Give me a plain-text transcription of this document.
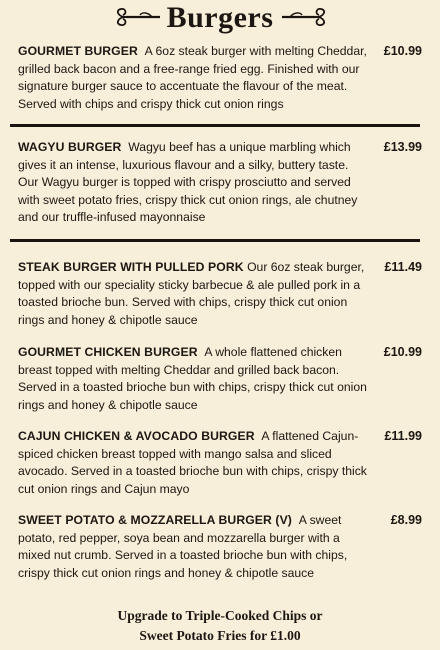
Burgers
GOURMET BURGER A 6oz steak burger with melting Cheddar, grilled back bacon and a free-range fried egg. Finished with our signature burger sauce to accentuate the flavour of the meat. Served with chips and crispy thick cut onion rings
£10.99
WAGYU BURGER Wagyu beef has a unique marbling which gives it an intense, luxurious flavour and a silky, buttery taste. Our Wagyu burger is topped with crispy prosciutto and served with sweet potato fries, crispy thick cut onion rings, ale chutney and our truffle-infused mayonnaise
£13.99
STEAK BURGER WITH PULLED PORK Our 6oz steak burger, topped with our speciality sticky barbecue & ale pulled pork in a toasted brioche bun. Served with chips, crispy thick cut onion rings and honey & chipotle sauce
£11.49
GOURMET CHICKEN BURGER A whole flattened chicken breast topped with melting Cheddar and grilled back bacon. Served in a toasted brioche bun with chips, crispy thick cut onion rings and honey & chipotle sauce
£10.99
CAJUN CHICKEN & AVOCADO BURGER A flattened Cajun-spiced chicken breast topped with mango salsa and sliced avocado. Served in a toasted brioche bun with chips, crispy thick cut onion rings and Cajun mayo
£11.99
SWEET POTATO & MOZZARELLA BURGER (V) A sweet potato, red pepper, soya bean and mozzarella burger with a mixed nut crumb. Served in a toasted brioche bun with chips, crispy thick cut onion rings and honey & chipotle sauce
£8.99
Upgrade to Triple-Cooked Chips or
Sweet Potato Fries for £1.00
